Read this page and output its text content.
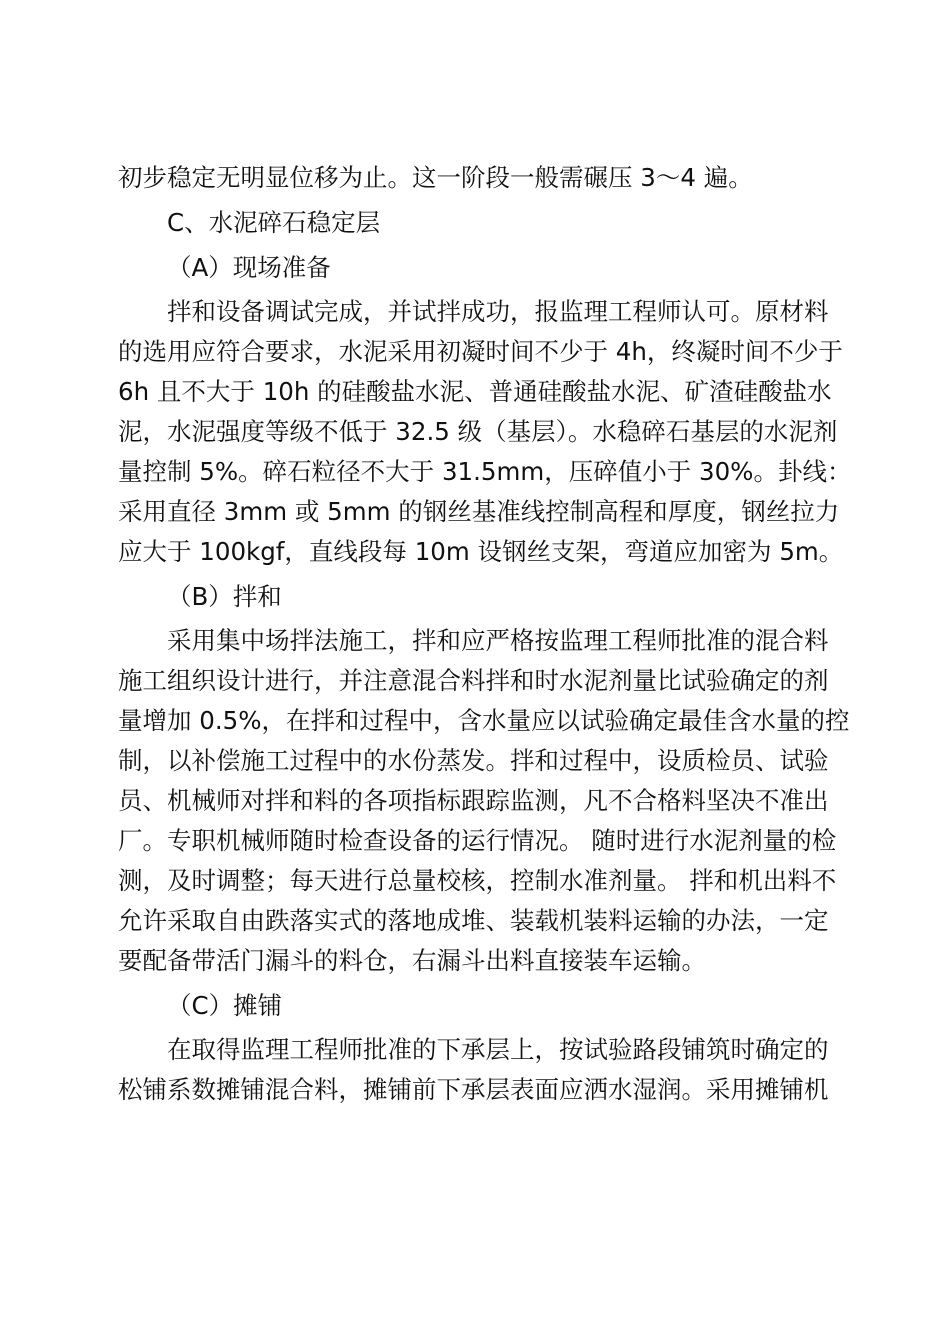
初步稳定无明显位移为止。这一阶段一般需碾压 3～4 遍。
C、水泥碎石稳定层
（A）现场准备
拌和设备调试完成，并试拌成功，报监理工程师认可。原材料
的选用应符合要求，水泥采用初凝时间不少于 4h，终凝时间不少于
6h 且不大于 10h 的硅酸盐水泥、普通硅酸盐水泥、矿渣硅酸盐水
泥，水泥强度等级不低于 32.5 级（基层）。水稳碎石基层的水泥剂
量控制 5%。碎石粒径不大于 31.5mm，压碎值小于 30%。卦线：
采用直径 3mm 或 5mm 的钢丝基准线控制高程和厚度，钢丝拉力
应大于 100kgf，直线段每 10m 设钢丝支架，弯道应加密为 5m。
（B）拌和
采用集中场拌法施工，拌和应严格按监理工程师批准的混合料
施工组织设计进行，并注意混合料拌和时水泥剂量比试验确定的剂
量增加 0.5%，在拌和过程中，含水量应以试验确定最佳含水量的控
制，以补偿施工过程中的水份蒸发。拌和过程中，设质检员、试验
员、机械师对拌和料的各项指标跟踪监测，凡不合格料坚决不准出
厂。专职机械师随时检查设备的运行情况。 随时进行水泥剂量的检
测，及时调整；每天进行总量校核，控制水准剂量。 拌和机出料不
允许采取自由跌落实式的落地成堆、装载机装料运输的办法，一定
要配备带活门漏斗的料仓，右漏斗出料直接装车运输。
（C）摊铺
在取得监理工程师批准的下承层上，按试验路段铺筑时确定的
松铺系数摊铺混合料，摊铺前下承层表面应洒水湿润。采用摊铺机
